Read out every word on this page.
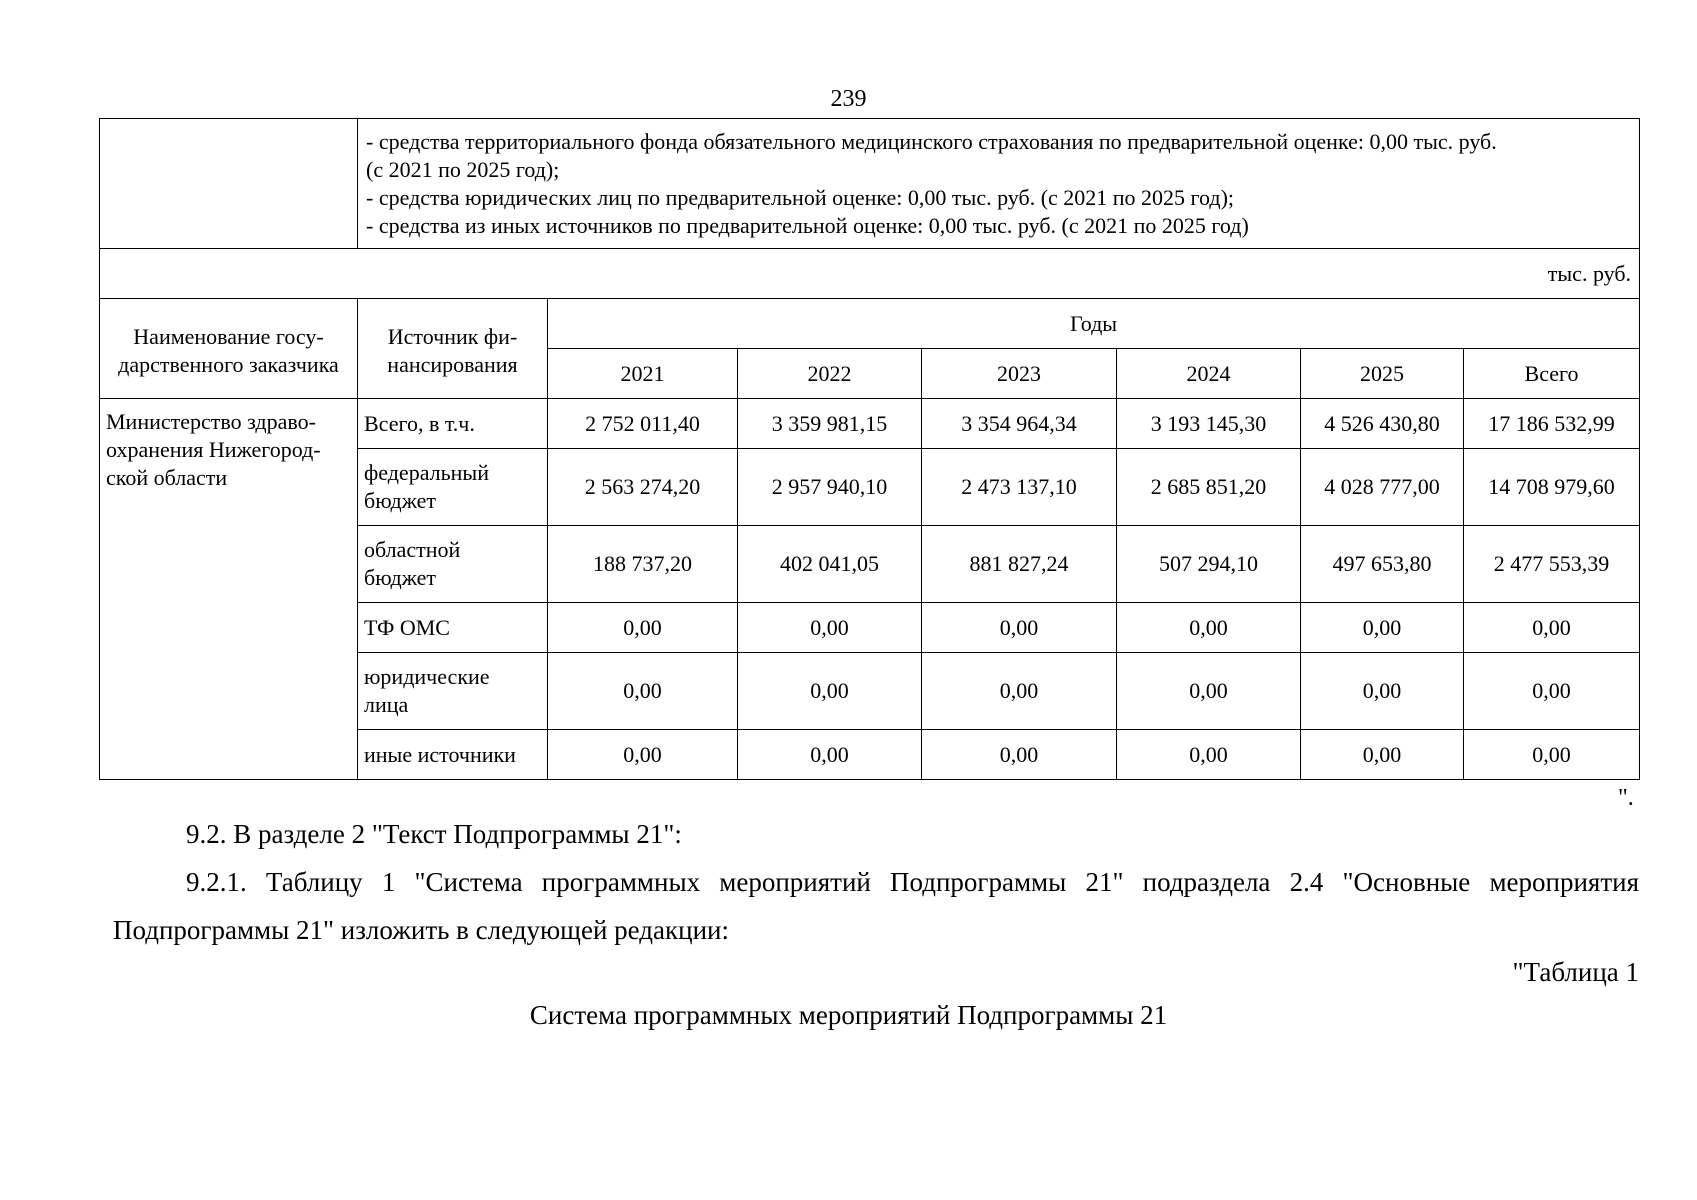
239

	- средства территориального фонда обязательного медицинского страхования по предварительной оценке: 0,00 тыс. руб.
(с 2021 по 2025 год);
- средства юридических лиц по предварительной оценке: 0,00 тыс. руб. (с 2021 по 2025 год);
- средства из иных источников по предварительной оценке: 0,00 тыс. руб. (с 2021 по 2025 год)						

тыс. руб.							
Наименование госу-
дарственного заказчика	Источник фи-
нансирования	Годы					
		2021	2022	2023	2024	2025	Всего
Министерство здраво-
охранения Нижегород-
ской области	Всего, в т.ч.	2 752 011,40	3 359 981,15	3 354 964,34	3 193 145,30	4 526 430,80	17 186 532,99
	федеральный
бюджет	2 563 274,20	2 957 940,10	2 473 137,10	2 685 851,20	4 028 777,00	14 708 979,60
	областной
бюджет	188 737,20	402 041,05	881 827,24	507 294,10	497 653,80	2 477 553,39
	ТФ ОМС	0,00	0,00	0,00	0,00	0,00	0,00
	юридические
лица	0,00	0,00	0,00	0,00	0,00	0,00
	иные источники	0,00	0,00	0,00	0,00	0,00	0,00
".

9.2. В разделе 2 "Текст Подпрограммы 21":

9.2.1. Таблицу 1 "Система программных мероприятий Подпрограммы 21" подраздела 2.4 "Основные мероприятия Подпрограммы 21" изложить в следующей редакции:

"Таблица 1
Система программных мероприятий Подпрограммы 21
